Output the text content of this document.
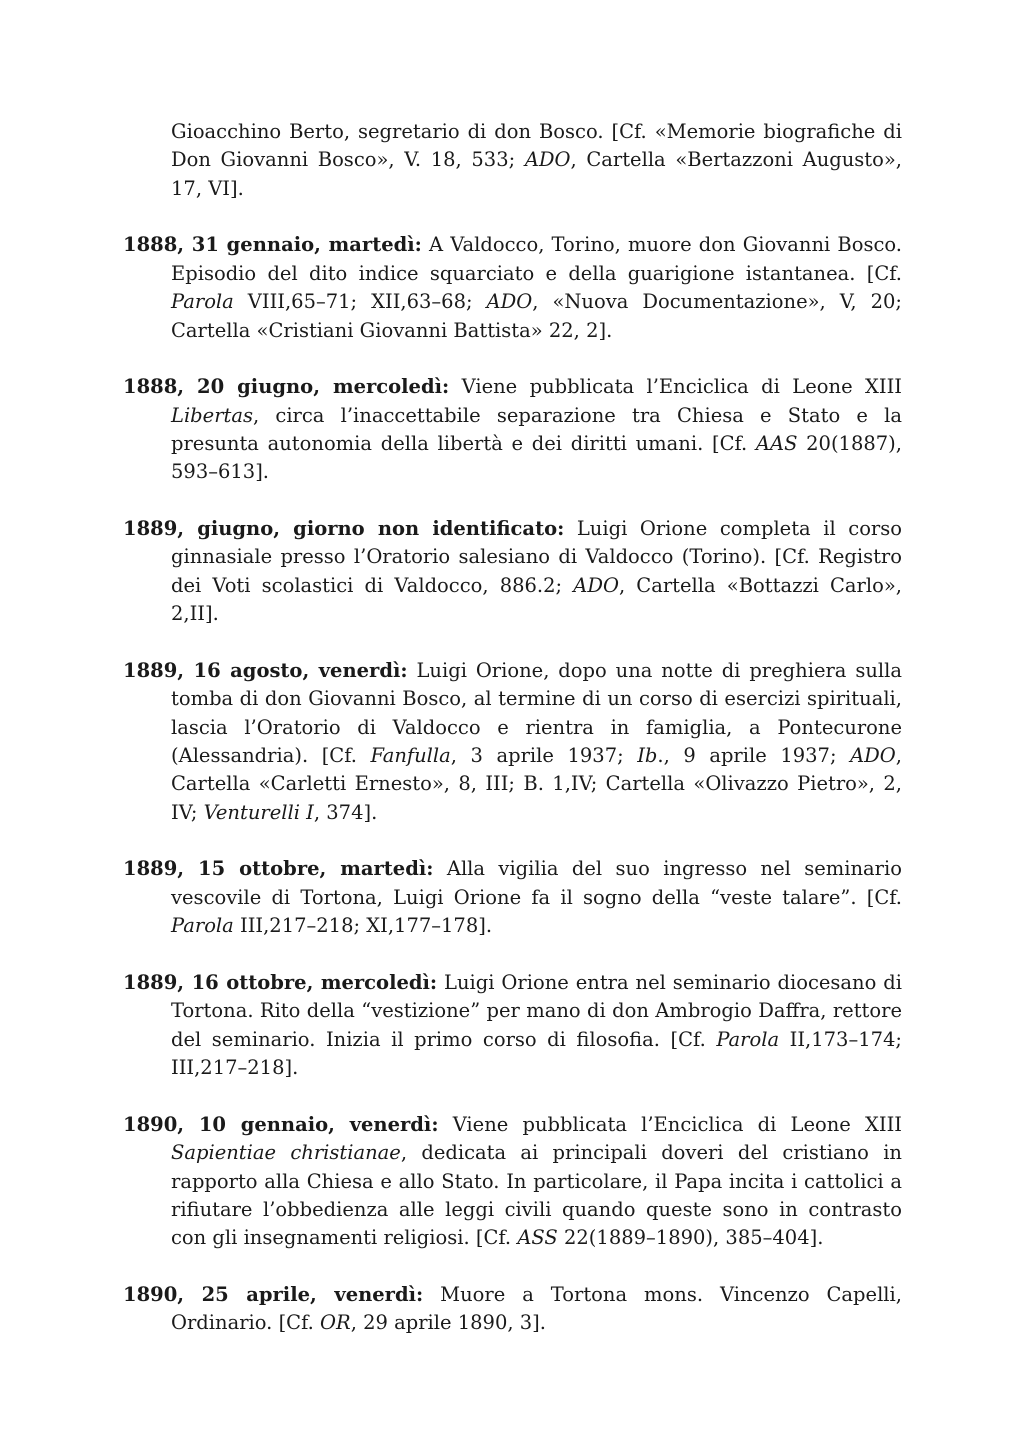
Gioacchino Berto, segretario di don Bosco. [Cf. «Memorie biografiche di Don Giovanni Bosco», V. 18, 533; ADO, Cartella «Bertazzoni Augusto», 17, VI].

1888, 31 gennaio, martedì: A Valdocco, Torino, muore don Giovanni Bosco. Episodio del dito indice squarciato e della guarigione istantanea. [Cf. Parola VIII,65–71; XII,63–68; ADO, «Nuova Documentazione», V, 20; Cartella «Cristiani Giovanni Battista» 22, 2].

1888, 20 giugno, mercoledì: Viene pubblicata l’Enciclica di Leone XIII Libertas, circa l’inaccettabile separazione tra Chiesa e Stato e la presunta autonomia della libertà e dei diritti umani. [Cf. AAS 20(1887), 593–613].

1889, giugno, giorno non identificato: Luigi Orione completa il corso ginnasiale presso l’Oratorio salesiano di Valdocco (Torino). [Cf. Registro dei Voti scolastici di Valdocco, 886.2; ADO, Cartella «Bottazzi Carlo», 2,II].

1889, 16 agosto, venerdì: Luigi Orione, dopo una notte di preghiera sulla tomba di don Giovanni Bosco, al termine di un corso di esercizi spirituali, lascia l’Oratorio di Valdocco e rientra in famiglia, a Pontecurone (Alessandria). [Cf. Fanfulla, 3 aprile 1937; Ib., 9 aprile 1937; ADO, Cartella «Carletti Ernesto», 8, III; B. 1,IV; Cartella «Olivazzo Pietro», 2, IV; Venturelli I, 374].

1889, 15 ottobre, martedì: Alla vigilia del suo ingresso nel seminario vescovile di Tortona, Luigi Orione fa il sogno della “veste talare”. [Cf. Parola III,217–218; XI,177–178].

1889, 16 ottobre, mercoledì: Luigi Orione entra nel seminario diocesano di Tortona. Rito della “vestizione” per mano di don Ambrogio Daffra, rettore del seminario. Inizia il primo corso di filosofia. [Cf. Parola II,173–174; III,217–218].

1890, 10 gennaio, venerdì: Viene pubblicata l’Enciclica di Leone XIII Sapientiae christianae, dedicata ai principali doveri del cristiano in rapporto alla Chiesa e allo Stato. In particolare, il Papa incita i cattolici a rifiutare l’obbedienza alle leggi civili quando queste sono in contrasto con gli insegnamenti religiosi. [Cf. ASS 22(1889–1890), 385–404].

1890, 25 aprile, venerdì: Muore a Tortona mons. Vincenzo Capelli, Ordinario. [Cf. OR, 29 aprile 1890, 3].
